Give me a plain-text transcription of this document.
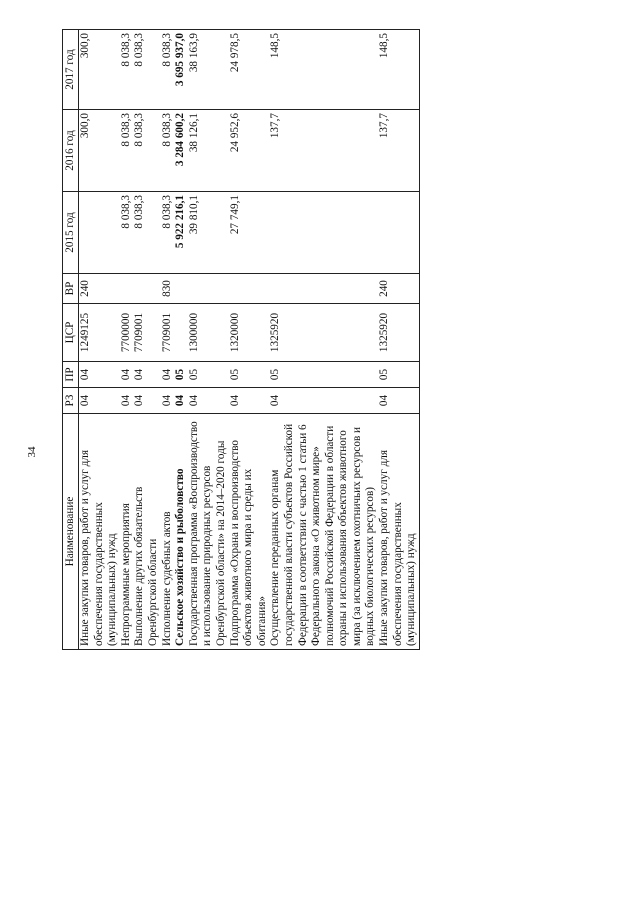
34
Наименование	РЗ	ПР	ЦСР	ВР	2015 год	2016 год	2017 год
Иные закупки товаров, работ и услуг для обеспечения государственных (муниципальных) нужд	04	04	1249125	240		300,0	300,0
Непрограммные мероприятия	04	04	7700000		8 038,3	8 038,3	8 038,3
Выполнение других обязательств Оренбургской области	04	04	7709001		8 038,3	8 038,3	8 038,3
Исполнение судебных актов	04	04	7709001	830	8 038,3	8 038,3	8 038,3
Сельское хозяйство и рыболовство	04	05			5 922 216,1	3 284 600,2	3 695 937,0
Государственная программа «Воспроизводство и использование природных ресурсов Оренбургской области» на 2014–2020 годы	04	05	1300000		39 810,1	38 126,1	38 163,9
Подпрограмма «Охрана и воспроизводство объектов животного мира и среды их обитания»	04	05	1320000		27 749,1	24 952,6	24 978,5
Осуществление переданных органам государственной власти субъектов Российской Федерации в соответствии с частью 1 статьи 6 Федерального закона «О животном мире» полномочий Российской Федерации в области охраны и использования объектов животного мира (за исключением охотничьих ресурсов и водных биологических ресурсов)	04	05	1325920			137,7	148,5
Иные закупки товаров, работ и услуг для обеспечения государственных (муниципальных) нужд	04	05	1325920	240		137,7	148,5
